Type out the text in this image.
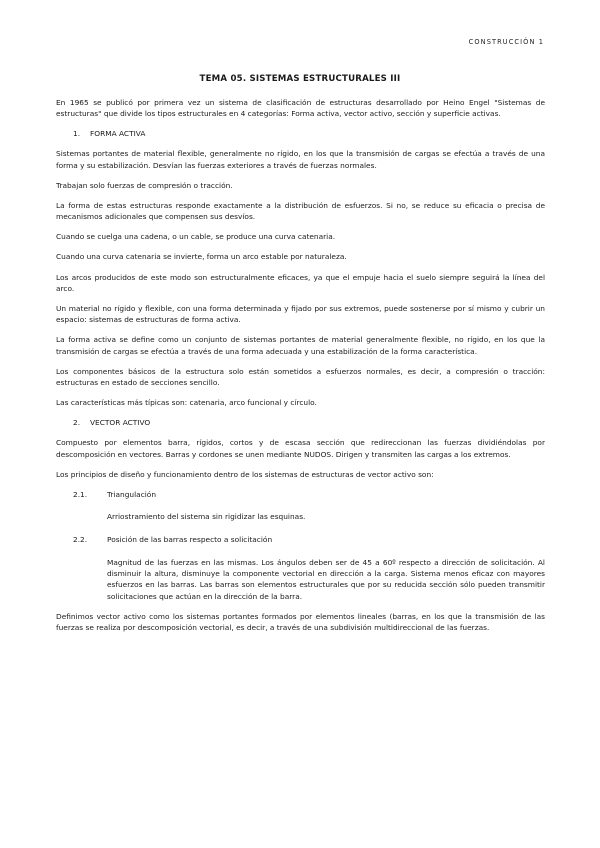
CONSTRUCCIÓN 1
TEMA 05. SISTEMAS ESTRUCTURALES III

En 1965 se publicó por primera vez un sistema de clasificación de estructuras desarrollado por Heino Engel "Sistemas de estructuras" que divide los tipos estructurales en 4 categorías: Forma activa, vector activo, sección y superficie activas.

1. FORMA ACTIVA

Sistemas portantes de material flexible, generalmente no rígido, en los que la transmisión de cargas se efectúa a través de una forma y su estabilización. Desvían las fuerzas exteriores a través de fuerzas normales.

Trabajan solo fuerzas de compresión o tracción.

La forma de estas estructuras responde exactamente a la distribución de esfuerzos. Si no, se reduce su eficacia o precisa de mecanismos adicionales que compensen sus desvíos.

Cuando se cuelga una cadena, o un cable, se produce una curva catenaria.

Cuando una curva catenaria se invierte, forma un arco estable por naturaleza.

Los arcos producidos de este modo son estructuralmente eficaces, ya que el empuje hacia el suelo siempre seguirá la línea del arco.

Un material no rígido y flexible, con una forma determinada y fijado por sus extremos, puede sostenerse por sí mismo y cubrir un espacio: sistemas de estructuras de forma activa.

La forma activa se define como un conjunto de sistemas portantes de material generalmente flexible, no rígido, en los que la transmisión de cargas se efectúa a través de una forma adecuada y una estabilización de la forma característica.

Los componentes básicos de la estructura solo están sometidos a esfuerzos normales, es decir, a compresión o tracción: estructuras en estado de secciones sencillo.

Las características más típicas son: catenaria, arco funcional y círculo.

2. VECTOR ACTIVO

Compuesto por elementos barra, rígidos, cortos y de escasa sección que redireccionan las fuerzas dividiéndolas por descomposición en vectores. Barras y cordones se unen mediante NUDOS. Dirigen y transmiten las cargas a los extremos.

Los principios de diseño y funcionamiento dentro de los sistemas de estructuras de vector activo son:

2.1.	Triangulación

Arriostramiento del sistema sin rigidizar las esquinas.

2.2.	Posición de las barras respecto a solicitación

Magnitud de las fuerzas en las mismas. Los ángulos deben ser de 45 a 60º respecto a dirección de solicitación. Al disminuir la altura, disminuye la componente vectorial en dirección a la carga. Sistema menos eficaz con mayores esfuerzos en las barras. Las barras son elementos estructurales que por su reducida sección sólo pueden transmitir solicitaciones que actúan en la dirección de la barra.

Definimos vector activo como los sistemas portantes formados por elementos lineales (barras, en los que la transmisión de las fuerzas se realiza por descomposición vectorial, es decir, a través de una subdivisión multidireccional de las fuerzas.
